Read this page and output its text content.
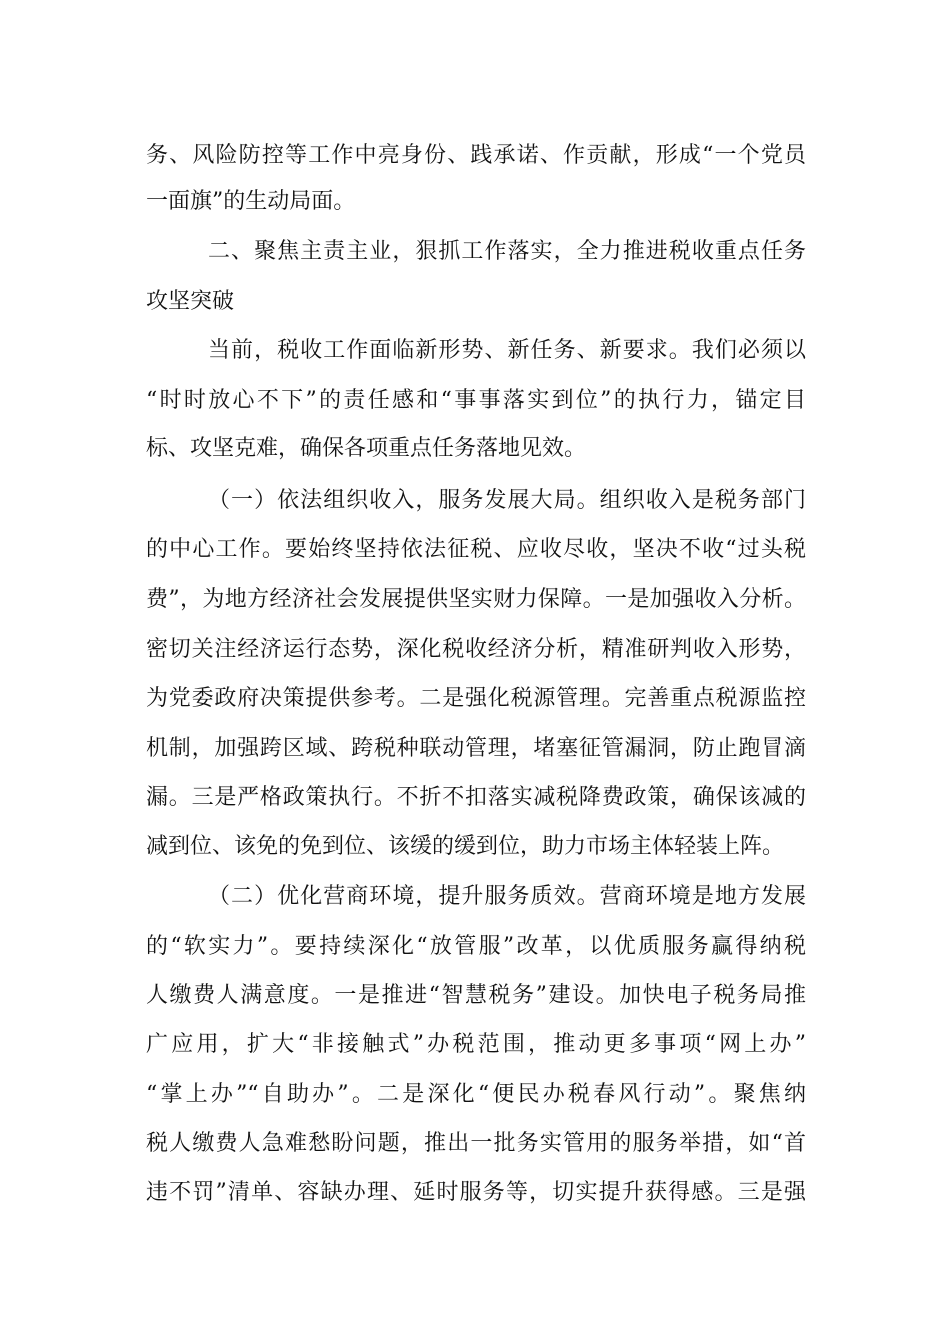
务、风险防控等工作中亮身份、践承诺、作贡献，形成“一个党员
一面旗”的生动局面。
二、聚焦主责主业，狠抓工作落实，全力推进税收重点任务
攻坚突破
当前，税收工作面临新形势、新任务、新要求。我们必须以
“时时放心不下”的责任感和“事事落实到位”的执行力，锚定目
标、攻坚克难，确保各项重点任务落地见效。
（一）依法组织收入，服务发展大局。组织收入是税务部门
的中心工作。要始终坚持依法征税、应收尽收，坚决不收“过头税
费”，为地方经济社会发展提供坚实财力保障。一是加强收入分析。
密切关注经济运行态势，深化税收经济分析，精准研判收入形势，
为党委政府决策提供参考。二是强化税源管理。完善重点税源监控
机制，加强跨区域、跨税种联动管理，堵塞征管漏洞，防止跑冒滴
漏。三是严格政策执行。不折不扣落实减税降费政策，确保该减的
减到位、该免的免到位、该缓的缓到位，助力市场主体轻装上阵。
（二）优化营商环境，提升服务质效。营商环境是地方发展
的“软实力”。要持续深化“放管服”改革，以优质服务赢得纳税
人缴费人满意度。一是推进“智慧税务”建设。加快电子税务局推
广应用，扩大“非接触式”办税范围，推动更多事项“网上办”
“掌上办”“自助办”。二是深化“便民办税春风行动”。聚焦纳
税人缴费人急难愁盼问题，推出一批务实管用的服务举措，如“首
违不罚”清单、容缺办理、延时服务等，切实提升获得感。三是强
